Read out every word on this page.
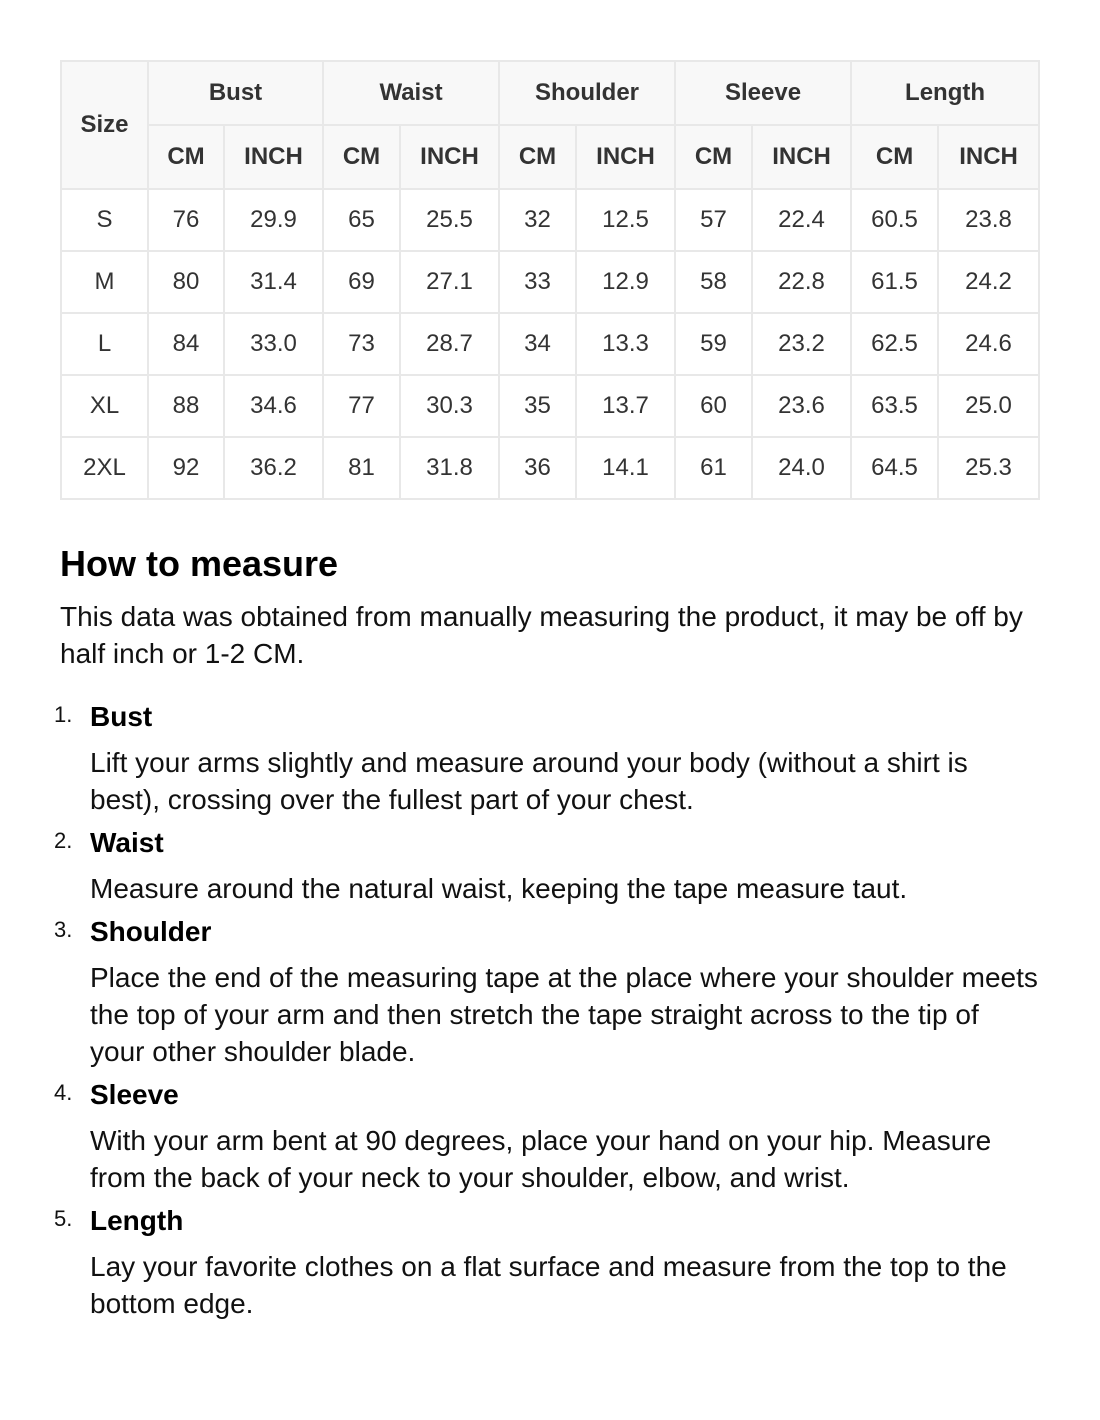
Size	Bust		Waist		Shoulder		Sleeve		Length	
	CM	INCH	CM	INCH	CM	INCH	CM	INCH	CM	INCH
S	76	29.9	65	25.5	32	12.5	57	22.4	60.5	23.8
M	80	31.4	69	27.1	33	12.9	58	22.8	61.5	24.2
L	84	33.0	73	28.7	34	13.3	59	23.2	62.5	24.6
XL	88	34.6	77	30.3	35	13.7	60	23.6	63.5	25.0
2XL	92	36.2	81	31.8	36	14.1	61	24.0	64.5	25.3
How to measure

This data was obtained from manually measuring the product, it may be off by half inch or 1-2 CM.

1. Bust
Lift your arms slightly and measure around your body (without a shirt is best), crossing over the fullest part of your chest.
2. Waist
Measure around the natural waist, keeping the tape measure taut.
3. Shoulder
Place the end of the measuring tape at the place where your shoulder meets the top of your arm and then stretch the tape straight across to the tip of your other shoulder blade.
4. Sleeve
With your arm bent at 90 degrees, place your hand on your hip. Measure from the back of your neck to your shoulder, elbow, and wrist.
5. Length
Lay your favorite clothes on a flat surface and measure from the top to the bottom edge.
